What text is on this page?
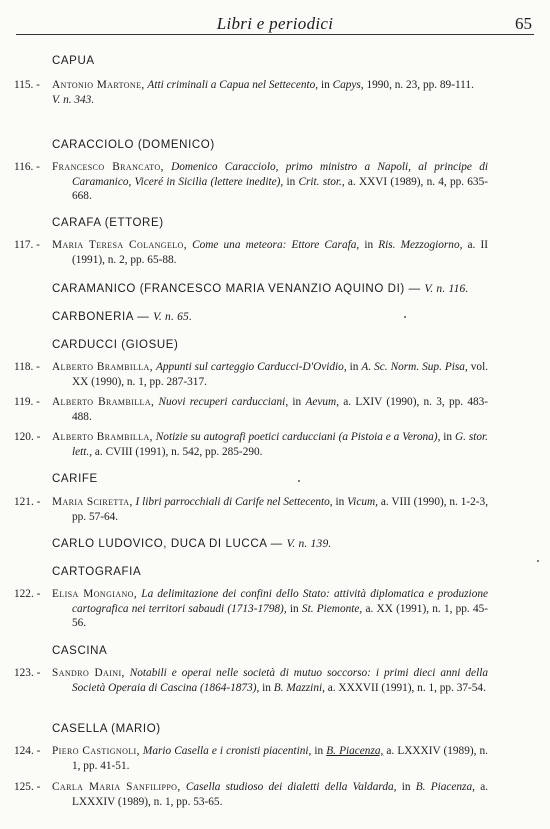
Libri e periodici	65
CAPUA
115. -	Antonio Martone, Atti criminali a Capua nel Settecento, in Capys, 1990, n. 23, pp. 89-111.
V. n. 343.
CARACCIOLO (DOMENICO)
116. -	Francesco Brancato, Domenico Caracciolo, primo ministro a Napoli, al principe di Caramanico, Viceré in Sicilia (lettere inedite), in Crit. stor., a. XXVI (1989), n. 4, pp. 635-668.
CARAFA (ETTORE)
117. -	Maria Teresa Colangelo, Come una meteora: Ettore Carafa, in Ris. Mezzogiorno, a. II (1991), n. 2, pp. 65-88.
CARAMANICO (FRANCESCO MARIA VENANZIO AQUINO DI) — V. n. 116.
CARBONERIA — V. n. 65.
CARDUCCI (GIOSUE)
118. -	Alberto Brambilla, Appunti sul carteggio Carducci-D'Ovidio, in A. Sc. Norm. Sup. Pisa, vol. XX (1990), n. 1, pp. 287-317.
119. -	Alberto Brambilla, Nuovi recuperi carducciani, in Aevum, a. LXIV (1990), n. 3, pp. 483-488.
120. -	Alberto Brambilla, Notizie su autografi poetici carducciani (a Pistoia e a Verona), in G. stor. lett., a. CVIII (1991), n. 542, pp. 285-290.
CARIFE
121. -	Maria Sciretta, I libri parrocchiali di Carife nel Settecento, in Vicum, a. VIII (1990), n. 1-2-3, pp. 57-64.
CARLO LUDOVICO, DUCA DI LUCCA — V. n. 139.
CARTOGRAFIA
122. -	Elisa Mongiano, La delimitazione dei confini dello Stato: attività diplomatica e produzione cartografica nei territori sabaudi (1713-1798), in St. Piemonte, a. XX (1991), n. 1, pp. 45-56.
CASCINA
123. -	Sandro Daini, Notabili e operai nelle società di mutuo soccorso: i primi dieci anni della Società Operaia di Cascina (1864-1873), in B. Mazzini, a. XXXVII (1991), n. 1, pp. 37-54.
CASELLA (MARIO)
124. -	Piero Castignoli, Mario Casella e i cronisti piacentini, in B. Piacenza, a. LXXXIV (1989), n. 1, pp. 41-51.
125. -	Carla Maria Sanfilippo, Casella studioso dei dialetti della Valdarda, in B. Piacenza, a. LXXXIV (1989), n. 1, pp. 53-65.
